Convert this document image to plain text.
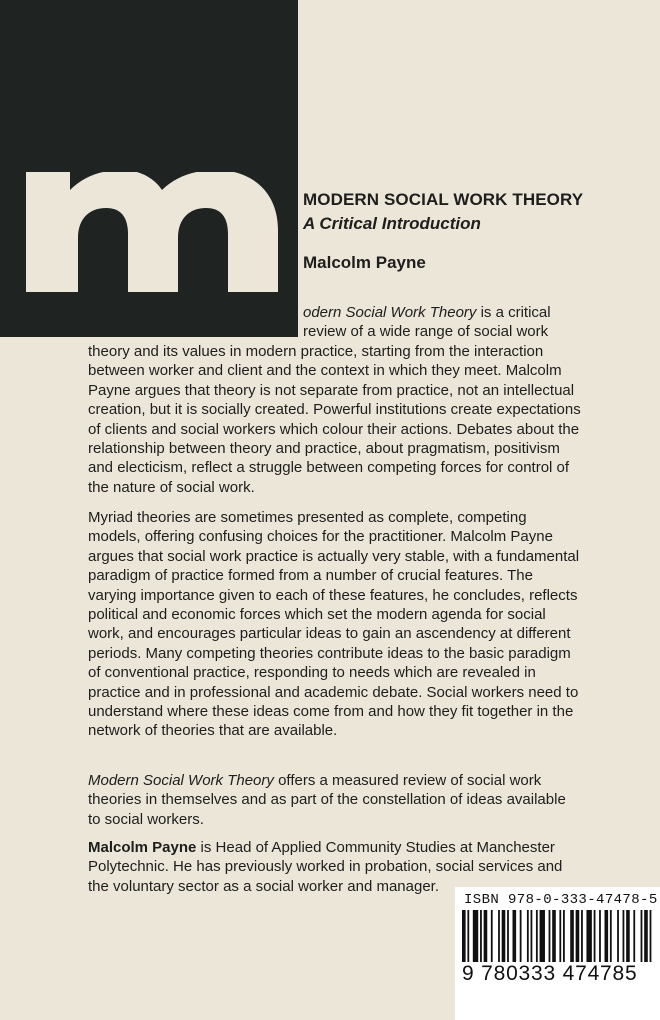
MODERN SOCIAL WORK THEORY
A Critical Introduction
Malcolm Payne

odern Social Work Theory is a critical review of a wide range of social work

theory and its values in modern practice, starting from the interaction between worker and client and the context in which they meet. Malcolm Payne argues that theory is not separate from practice, not an intellectual creation, but it is socially created. Powerful institutions create expectations of clients and social workers which colour their actions. Debates about the relationship between theory and practice, about pragmatism, positivism and electicism, reflect a struggle between competing forces for control of the nature of social work.

Myriad theories are sometimes presented as complete, competing models, offering confusing choices for the practitioner. Malcolm Payne argues that social work practice is actually very stable, with a fundamental paradigm of practice formed from a number of crucial features. The varying importance given to each of these features, he concludes, reflects political and economic forces which set the modern agenda for social work, and encourages particular ideas to gain an ascendency at different periods. Many competing theories contribute ideas to the basic paradigm of conventional practice, responding to needs which are revealed in practice and in professional and academic debate. Social workers need to understand where these ideas come from and how they fit together in the network of theories that are available.

Modern Social Work Theory offers a measured review of social work theories in themselves and as part of the constellation of ideas available to social workers.

Malcolm Payne is Head of Applied Community Studies at Manchester Polytechnic. He has previously worked in probation, social services and the voluntary sector as a social worker and manager.

ISBN 978-0-333-47478-5
9 780333 474785
